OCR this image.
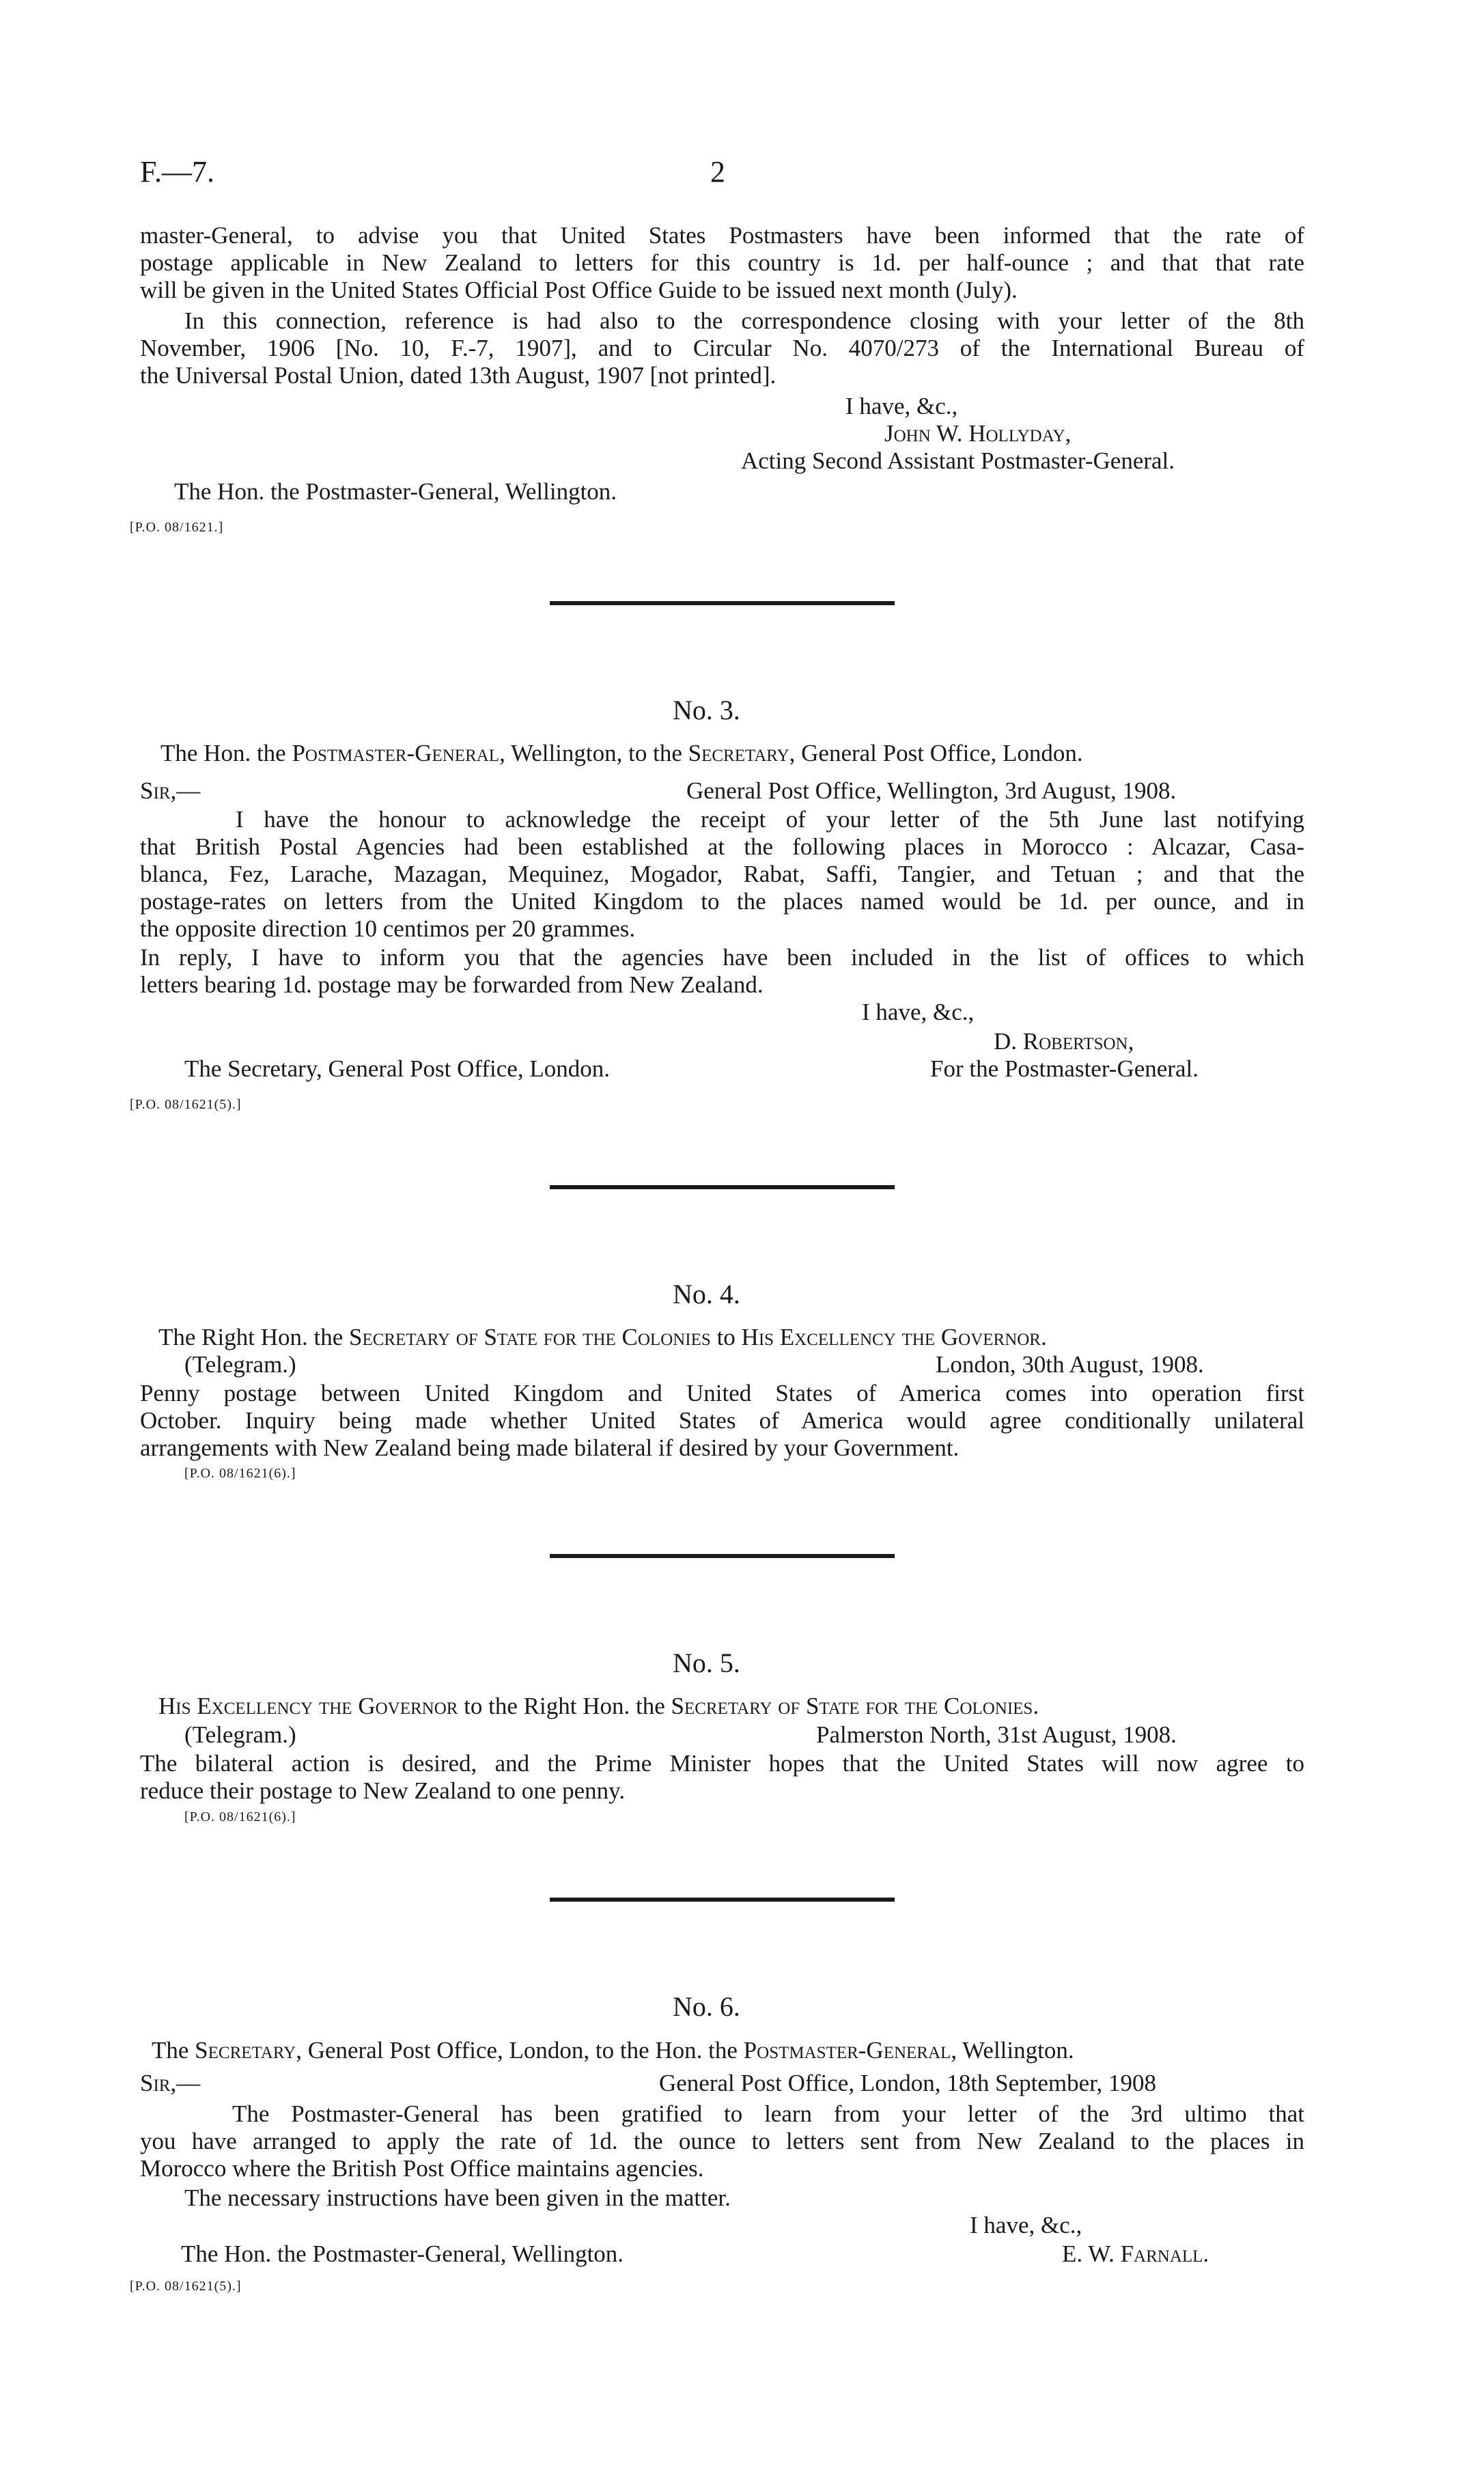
F.—7.	2
master-General, to advise you that United States Postmasters have been informed that the rate of
postage applicable in New Zealand to letters for this country is 1d. per half-ounce ; and that that rate
will be given in the United States Official Post Office Guide to be issued next month (July).
In this connection, reference is had also to the correspondence closing with your letter of the 8th
November, 1906 [No. 10, F.-7, 1907], and to Circular No. 4070/273 of the International Bureau of
the Universal Postal Union, dated 13th August, 1907 [not printed].
I have, &c.,
John W. Hollyday,
Acting Second Assistant Postmaster-General.
The Hon. the Postmaster-General, Wellington.
[P.O. 08/1621.]
No. 3.
The Hon. the Postmaster-General, Wellington, to the Secretary, General Post Office, London.
Sir,—	General Post Office, Wellington, 3rd August, 1908.
I have the honour to acknowledge the receipt of your letter of the 5th June last notifying
that British Postal Agencies had been established at the following places in Morocco : Alcazar, Casa-
blanca, Fez, Larache, Mazagan, Mequinez, Mogador, Rabat, Saffi, Tangier, and Tetuan ; and that the
postage-rates on letters from the United Kingdom to the places named would be 1d. per ounce, and in
the opposite direction 10 centimos per 20 grammes.
In reply, I have to inform you that the agencies have been included in the list of offices to which
letters bearing 1d. postage may be forwarded from New Zealand.
I have, &c.,
D. Robertson,
For the Postmaster-General.
The Secretary, General Post Office, London.
[P.O. 08/1621(5).]
No. 4.
The Right Hon. the Secretary of State for the Colonies to His Excellency the Governor.
(Telegram.)	London, 30th August, 1908.
Penny postage between United Kingdom and United States of America comes into operation first
October. Inquiry being made whether United States of America would agree conditionally unilateral
arrangements with New Zealand being made bilateral if desired by your Government.
[P.O. 08/1621(6).]
No. 5.
His Excellency the Governor to the Right Hon. the Secretary of State for the Colonies.
(Telegram.)	Palmerston North, 31st August, 1908.
The bilateral action is desired, and the Prime Minister hopes that the United States will now agree to
reduce their postage to New Zealand to one penny.
[P.O. 08/1621(6).]
No. 6.
The Secretary, General Post Office, London, to the Hon. the Postmaster-General, Wellington.
Sir,—	General Post Office, London, 18th September, 1908
The Postmaster-General has been gratified to learn from your letter of the 3rd ultimo that
you have arranged to apply the rate of 1d. the ounce to letters sent from New Zealand to the places in
Morocco where the British Post Office maintains agencies.
The necessary instructions have been given in the matter.
I have, &c.,
E. W. Farnall.
The Hon. the Postmaster-General, Wellington.
[P.O. 08/1621(5).]
